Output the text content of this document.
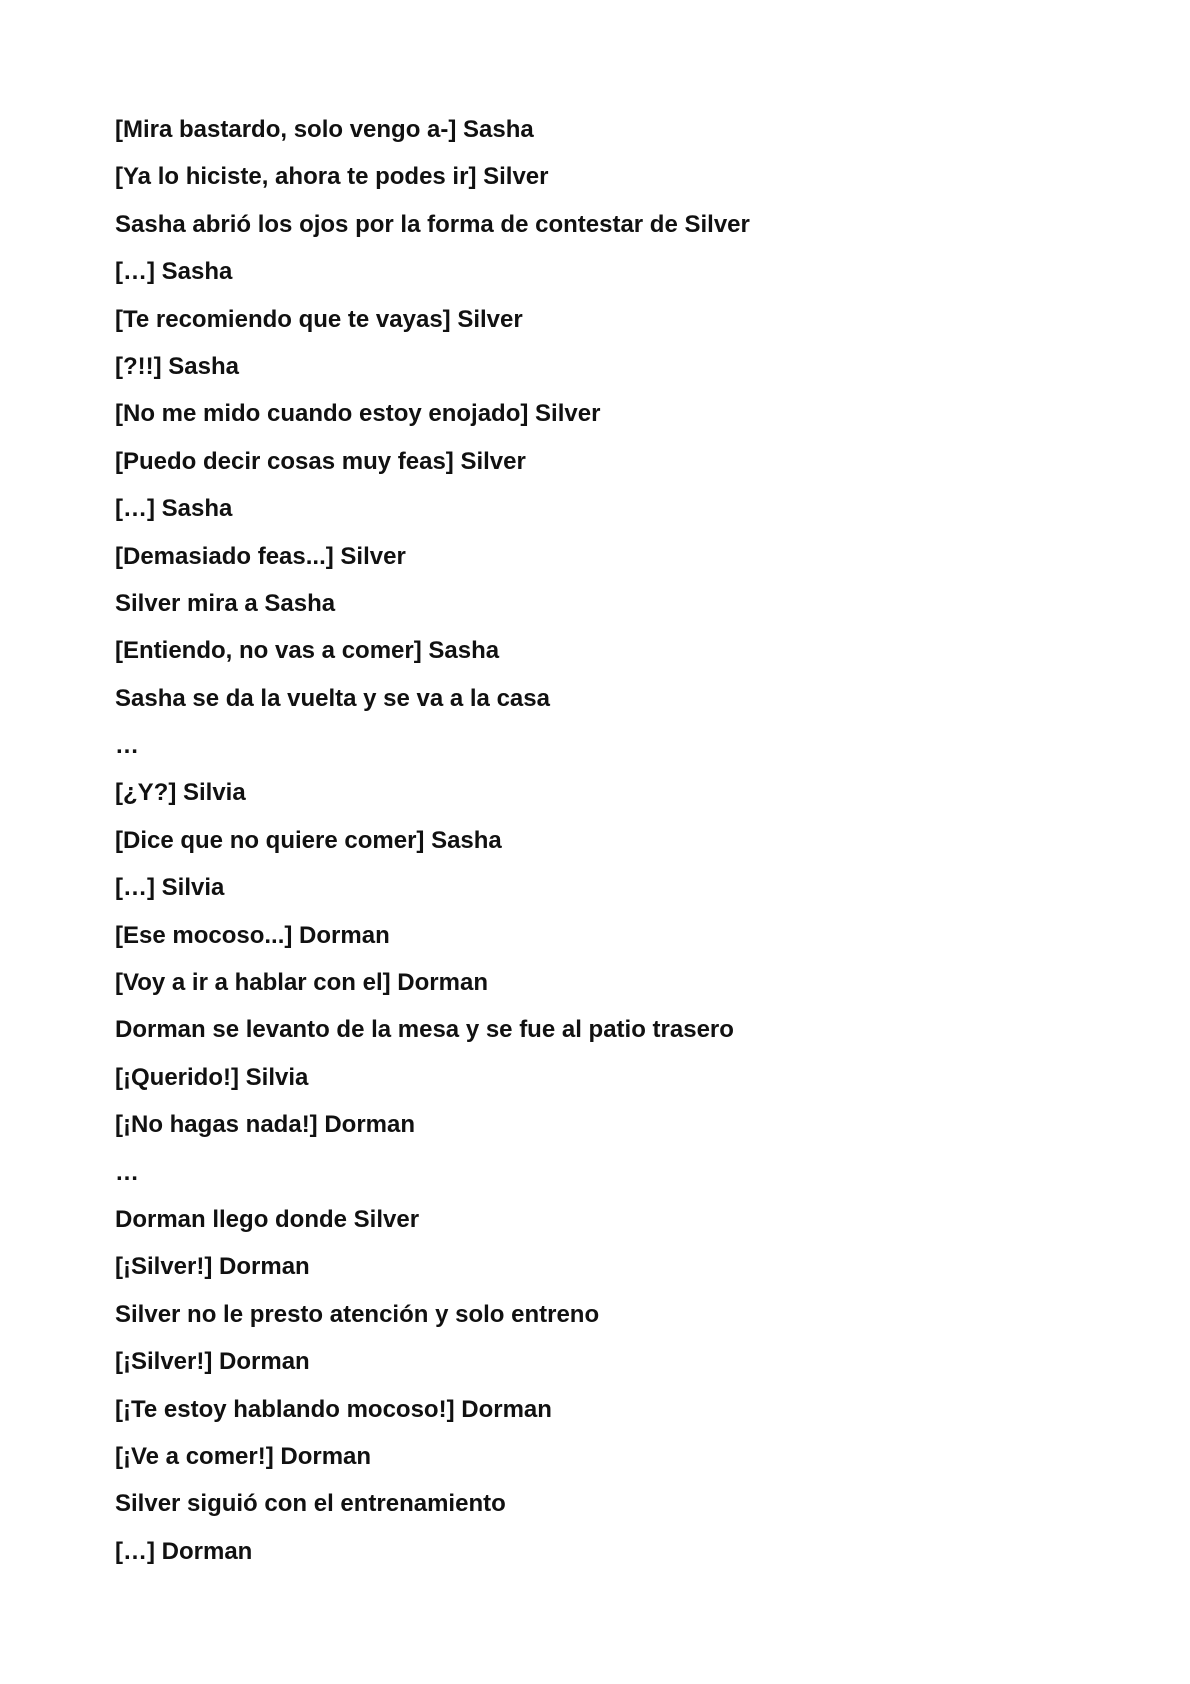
[Mira bastardo, solo vengo a-] Sasha
[Ya lo hiciste, ahora te podes ir] Silver
Sasha abrió los ojos por la forma de contestar de Silver
[…] Sasha
[Te recomiendo que te vayas] Silver
[?!!] Sasha
[No me mido cuando estoy enojado] Silver
[Puedo decir cosas muy feas] Silver
[…] Sasha
[Demasiado feas...] Silver
Silver mira a Sasha
[Entiendo, no vas a comer] Sasha
Sasha se da la vuelta y se va a la casa
…
[¿Y?] Silvia
[Dice que no quiere comer] Sasha
[…] Silvia
[Ese mocoso...] Dorman
[Voy a ir a hablar con el] Dorman
Dorman se levanto de la mesa y se fue al patio trasero
[¡Querido!] Silvia
[¡No hagas nada!] Dorman
…
Dorman llego donde Silver
[¡Silver!] Dorman
Silver no le presto atención y solo entreno
[¡Silver!] Dorman
[¡Te estoy hablando mocoso!] Dorman
[¡Ve a comer!] Dorman
Silver siguió con el entrenamiento
[…] Dorman
